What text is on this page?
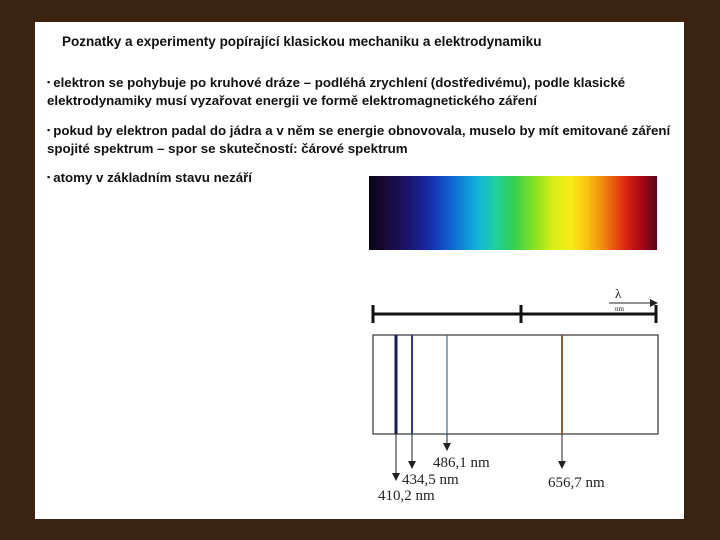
Poznatky a experimenty popírající klasickou mechaniku a elektrodynamiku
▪ elektron se pohybuje po kruhové dráze – podléhá zrychlení (dostředivému), podle klasické elektrodynamiky musí vyzařovat energii ve formě elektromagnetického záření
▪ pokud by elektron padal do jádra a v něm se energie obnovovala, muselo by mít emitované záření spojité spektrum – spor se skutečností: čárové spektrum
▪ atomy v základním stavu nezáří
λ
nm
486,1 nm
434,5 nm
410,2 nm
656,7 nm
